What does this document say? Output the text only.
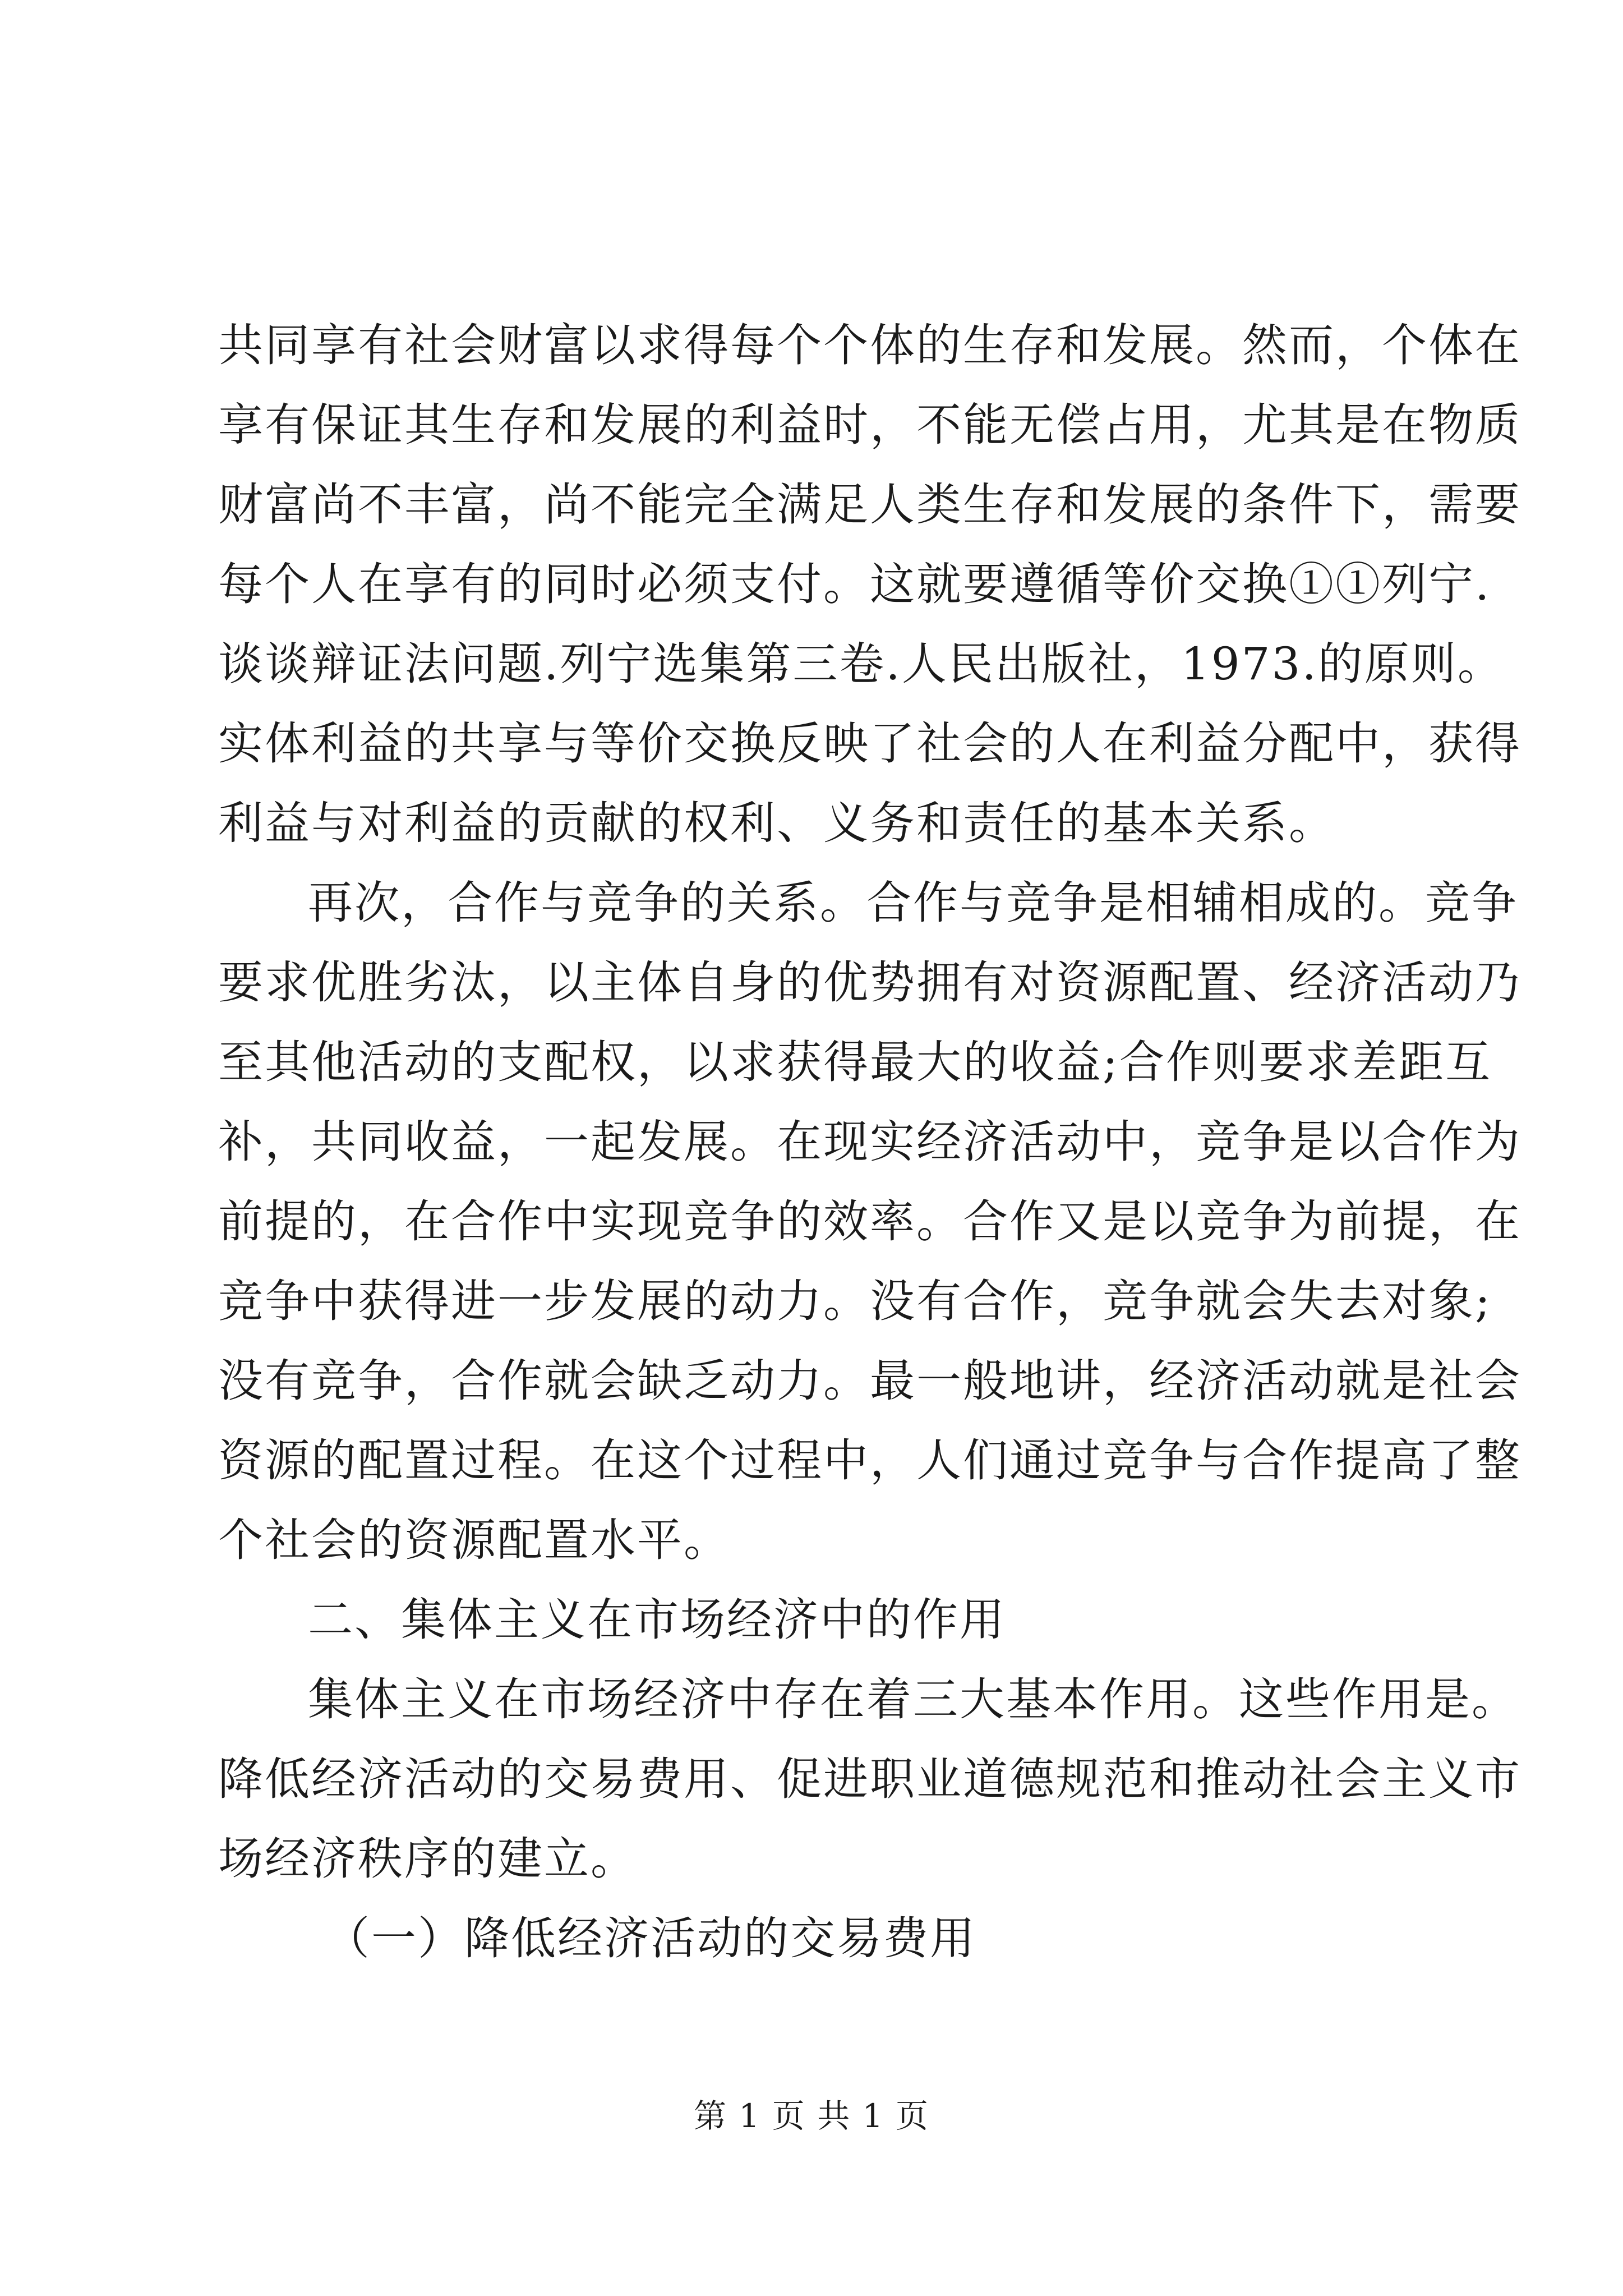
共同享有社会财富以求得每个个体的生存和发展。然而，个体在
享有保证其生存和发展的利益时，不能无偿占用，尤其是在物质
财富尚不丰富，尚不能完全满足人类生存和发展的条件下，需要
每个人在享有的同时必须支付。这就要遵循等价交换①①列宁.
谈谈辩证法问题.列宁选集第三卷.人民出版社，1973.的原则。
实体利益的共享与等价交换反映了社会的人在利益分配中，获得
利益与对利益的贡献的权利、义务和责任的基本关系。
再次，合作与竞争的关系。合作与竞争是相辅相成的。竞争
要求优胜劣汰，以主体自身的优势拥有对资源配置、经济活动乃
至其他活动的支配权，以求获得最大的收益;合作则要求差距互
补，共同收益，一起发展。在现实经济活动中，竞争是以合作为
前提的，在合作中实现竞争的效率。合作又是以竞争为前提，在
竞争中获得进一步发展的动力。没有合作，竞争就会失去对象;
没有竞争，合作就会缺乏动力。最一般地讲，经济活动就是社会
资源的配置过程。在这个过程中，人们通过竞争与合作提高了整
个社会的资源配置水平。
二、集体主义在市场经济中的作用
集体主义在市场经济中存在着三大基本作用。这些作用是。
降低经济活动的交易费用、促进职业道德规范和推动社会主义市
场经济秩序的建立。
（一）降低经济活动的交易费用
第 1 页 共 1 页
